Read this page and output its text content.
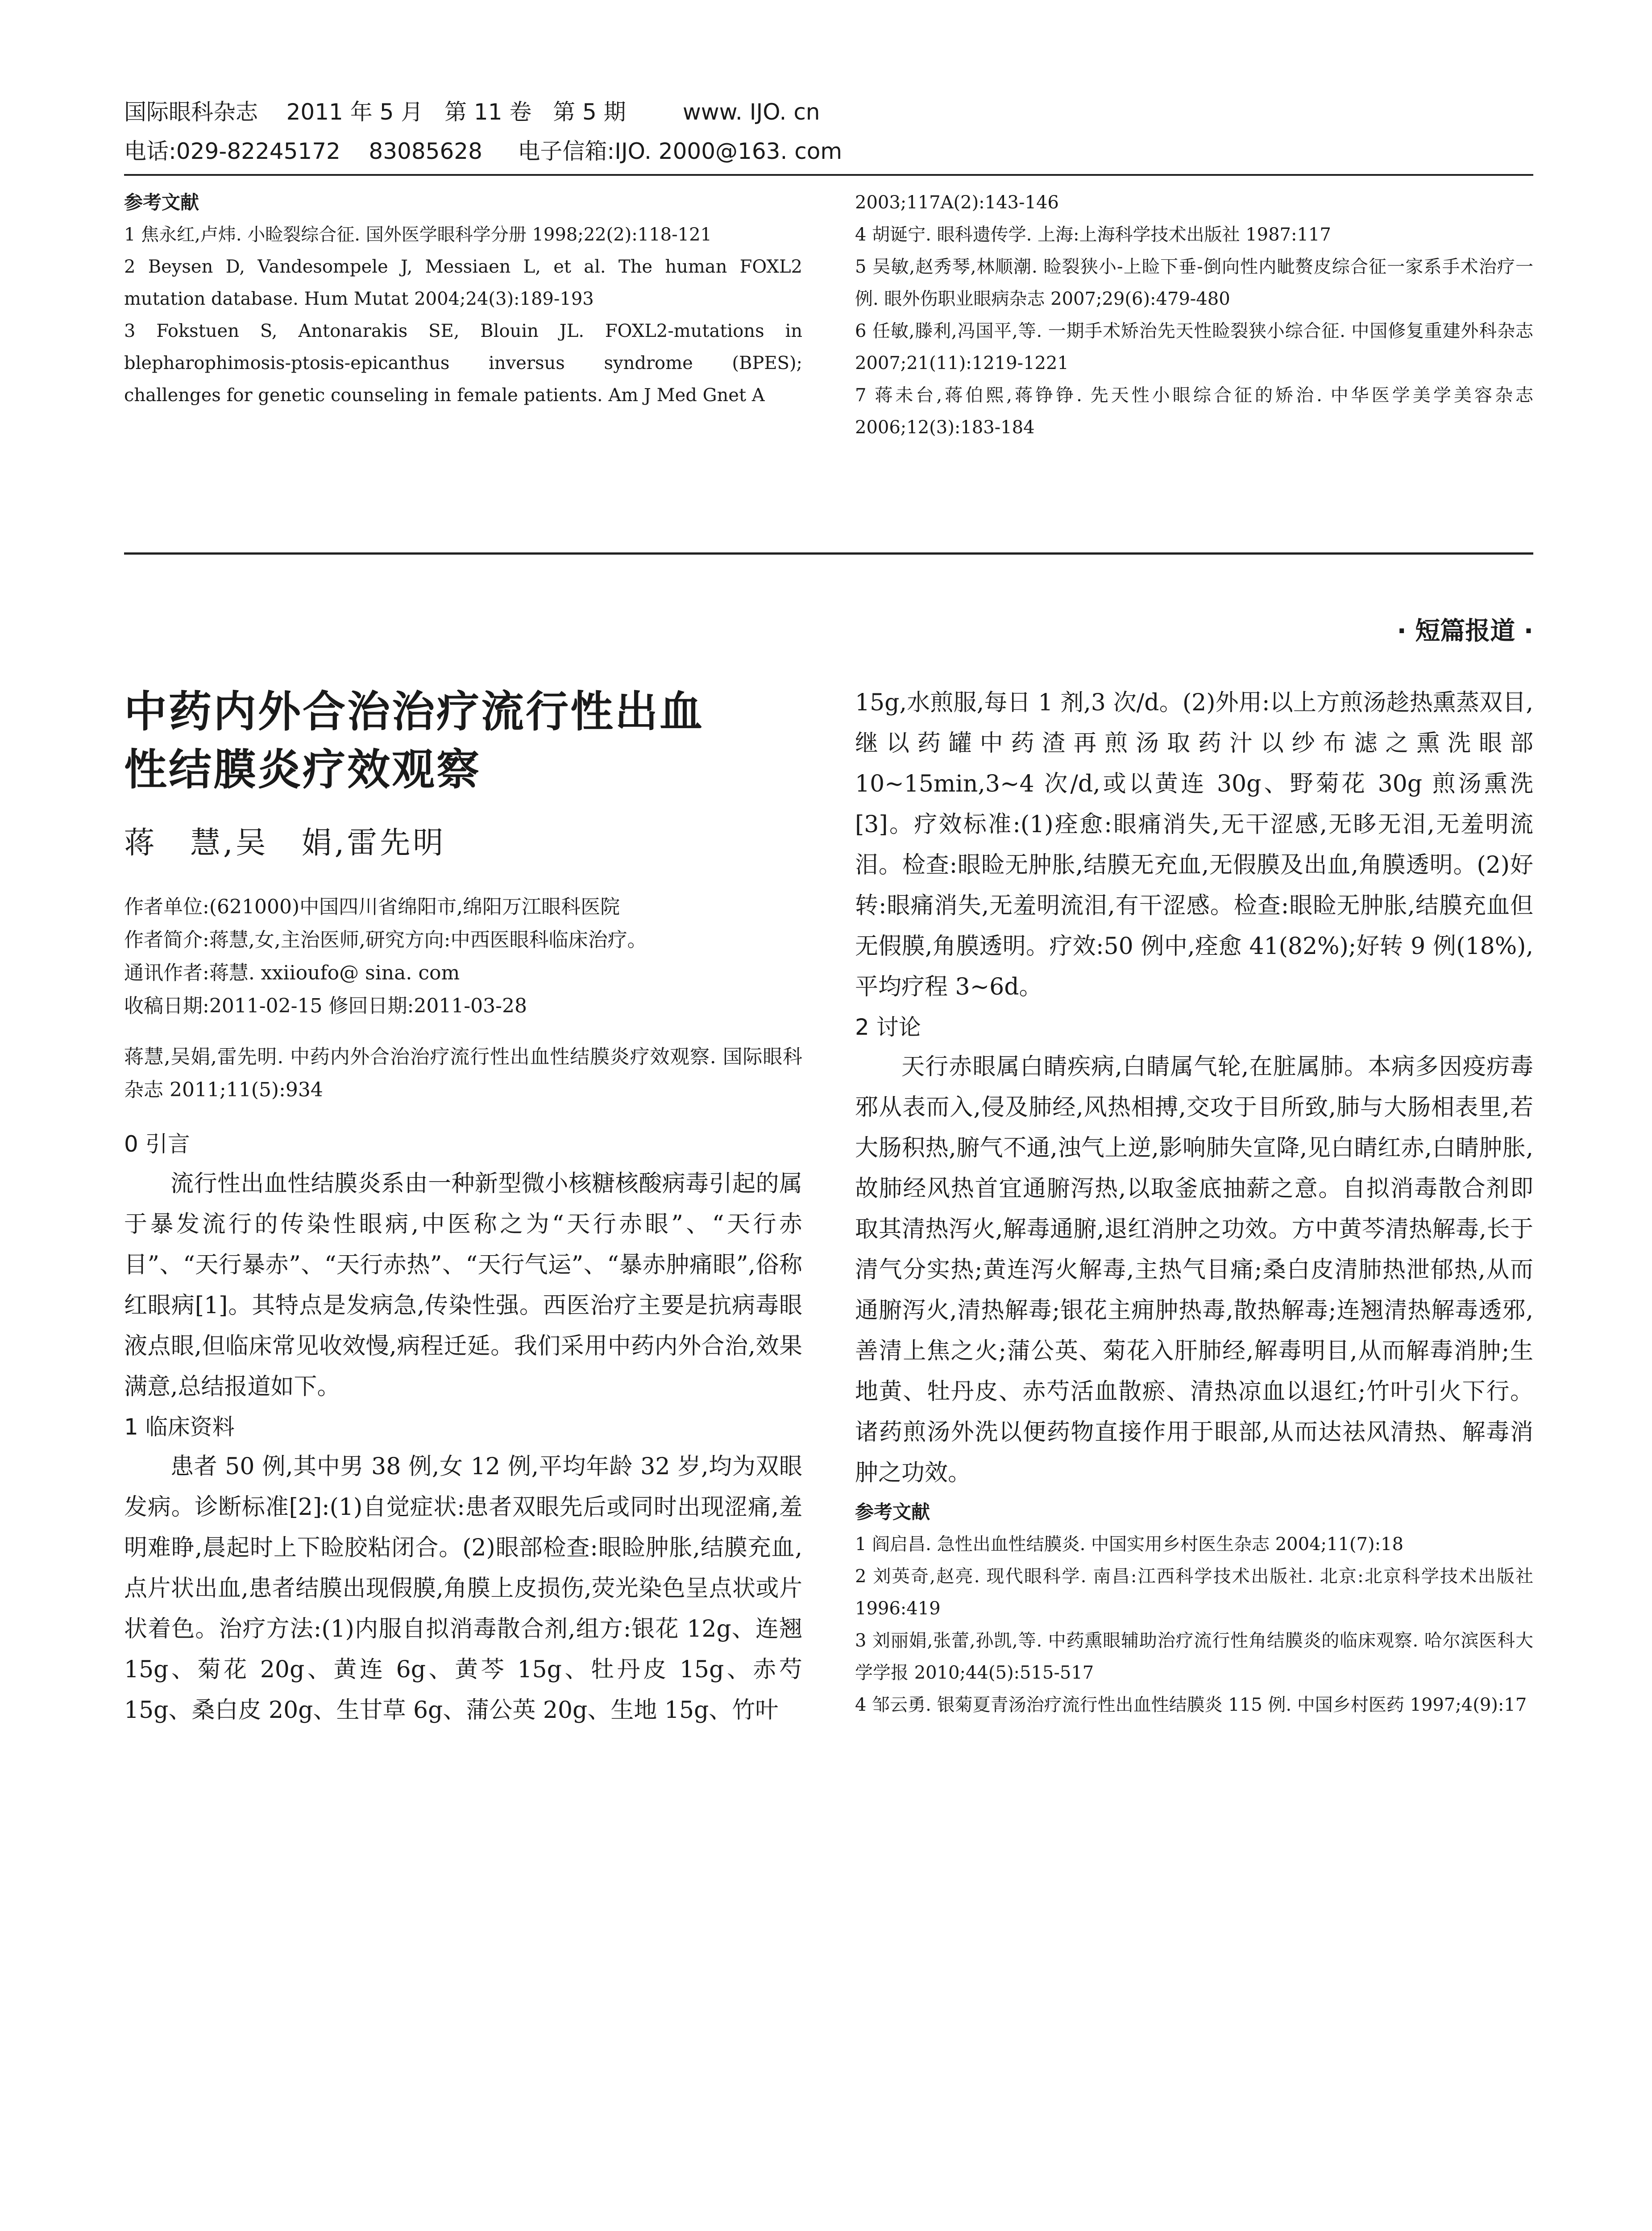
国际眼科杂志    2011 年 5 月   第 11 卷   第 5 期        www. IJO. cn
电话:029-82245172    83085628     电子信箱:IJO. 2000@163. com
参考文献
1 焦永红,卢炜. 小睑裂综合征. 国外医学眼科学分册 1998;22(2):118-121
2 Beysen D, Vandesompele J, Messiaen L, et al. The human FOXL2 mutation database. Hum Mutat 2004;24(3):189-193
3 Fokstuen S, Antonarakis SE, Blouin JL. FOXL2-mutations in blepharophimosis-ptosis-epicanthus inversus syndrome (BPES); challenges for genetic counseling in female patients. Am J Med Gnet A
2003;117A(2):143-146
4 胡诞宁. 眼科遗传学. 上海:上海科学技术出版社 1987:117
5 吴敏,赵秀琴,林顺潮. 睑裂狭小-上睑下垂-倒向性内眦赘皮综合征一家系手术治疗一例. 眼外伤职业眼病杂志 2007;29(6):479-480
6 任敏,滕利,冯国平,等. 一期手术矫治先天性睑裂狭小综合征. 中国修复重建外科杂志 2007;21(11):1219-1221
7 蒋未台,蒋伯熙,蒋铮铮. 先天性小眼综合征的矫治. 中华医学美学美容杂志 2006;12(3):183-184
· 短篇报道 ·
中药内外合治治疗流行性出血
性结膜炎疗效观察
蒋　慧,吴　娟,雷先明
作者单位:(621000)中国四川省绵阳市,绵阳万江眼科医院
作者简介:蒋慧,女,主治医师,研究方向:中西医眼科临床治疗。
通讯作者:蒋慧. xxiioufo@ sina. com
收稿日期:2011-02-15 修回日期:2011-03-28
蒋慧,吴娟,雷先明. 中药内外合治治疗流行性出血性结膜炎疗效观察. 国际眼科杂志 2011;11(5):934
0 引言

流行性出血性结膜炎系由一种新型微小核糖核酸病毒引起的属于暴发流行的传染性眼病,中医称之为“天行赤眼”、“天行赤目”、“天行暴赤”、“天行赤热”、“天行气运”、“暴赤肿痛眼”,俗称红眼病[1]。其特点是发病急,传染性强。西医治疗主要是抗病毒眼液点眼,但临床常见收效慢,病程迁延。我们采用中药内外合治,效果满意,总结报道如下。

1 临床资料

患者 50 例,其中男 38 例,女 12 例,平均年龄 32 岁,均为双眼发病。诊断标准[2]:(1)自觉症状:患者双眼先后或同时出现涩痛,羞明难睁,晨起时上下睑胶粘闭合。(2)眼部检查:眼睑肿胀,结膜充血,点片状出血,患者结膜出现假膜,角膜上皮损伤,荧光染色呈点状或片状着色。治疗方法:(1)内服自拟消毒散合剂,组方:银花 12g、连翘 15g、菊花 20g、黄连 6g、黄芩 15g、牡丹皮 15g、赤芍 15g、桑白皮 20g、生甘草 6g、蒲公英 20g、生地 15g、竹叶

15g,水煎服,每日 1 剂,3 次/d。(2)外用:以上方煎汤趁热熏蒸双目,继以药罐中药渣再煎汤取药汁以纱布滤之熏洗眼部 10~15min,3~4 次/d,或以黄连 30g、野菊花 30g 煎汤熏洗[3]。疗效标准:(1)痊愈:眼痛消失,无干涩感,无眵无泪,无羞明流泪。检查:眼睑无肿胀,结膜无充血,无假膜及出血,角膜透明。(2)好转:眼痛消失,无羞明流泪,有干涩感。检查:眼睑无肿胀,结膜充血但无假膜,角膜透明。疗效:50 例中,痊愈 41(82%);好转 9 例(18%),平均疗程 3~6d。

2 讨论

天行赤眼属白睛疾病,白睛属气轮,在脏属肺。本病多因疫疠毒邪从表而入,侵及肺经,风热相搏,交攻于目所致,肺与大肠相表里,若大肠积热,腑气不通,浊气上逆,影响肺失宣降,见白睛红赤,白睛肿胀,故肺经风热首宜通腑泻热,以取釜底抽薪之意。自拟消毒散合剂即取其清热泻火,解毒通腑,退红消肿之功效。方中黄芩清热解毒,长于清气分实热;黄连泻火解毒,主热气目痛;桑白皮清肺热泄郁热,从而通腑泻火,清热解毒;银花主痈肿热毒,散热解毒;连翘清热解毒透邪,善清上焦之火;蒲公英、菊花入肝肺经,解毒明目,从而解毒消肿;生地黄、牡丹皮、赤芍活血散瘀、清热凉血以退红;竹叶引火下行。诸药煎汤外洗以便药物直接作用于眼部,从而达祛风清热、解毒消肿之功效。

参考文献
1 阎启昌. 急性出血性结膜炎. 中国实用乡村医生杂志 2004;11(7):18
2 刘英奇,赵亮. 现代眼科学. 南昌:江西科学技术出版社. 北京:北京科学技术出版社 1996:419
3 刘丽娟,张蕾,孙凯,等. 中药熏眼辅助治疗流行性角结膜炎的临床观察. 哈尔滨医科大学学报 2010;44(5):515-517
4 邹云勇. 银菊夏青汤治疗流行性出血性结膜炎 115 例. 中国乡村医药 1997;4(9):17
